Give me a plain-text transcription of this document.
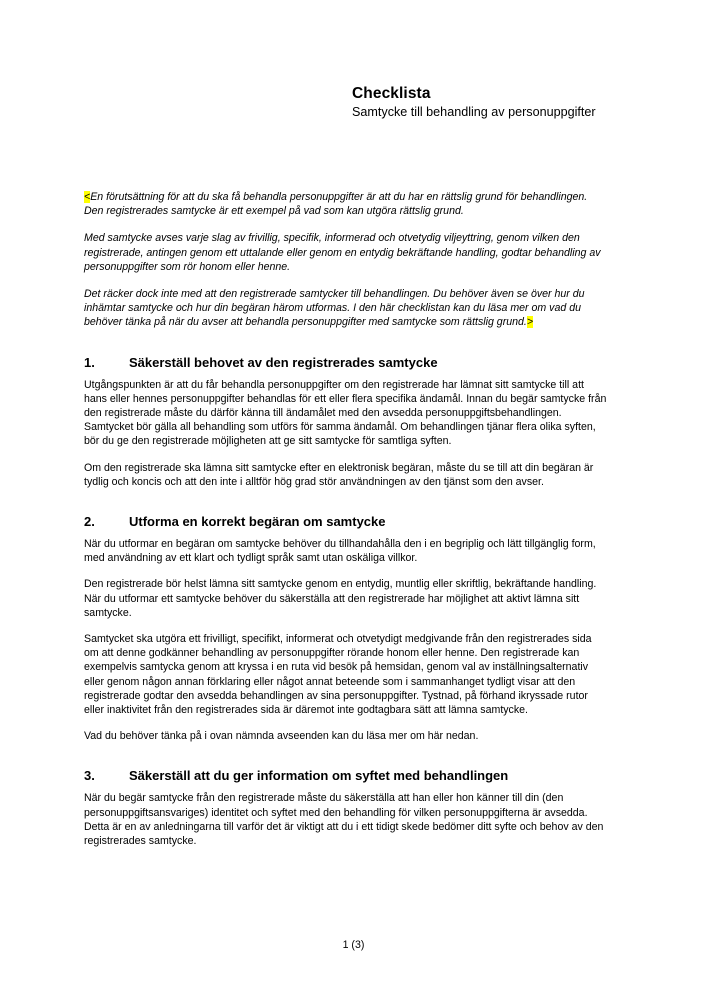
Checklista
Samtycke till behandling av personuppgifter

<En förutsättning för att du ska få behandla personuppgifter är att du har en rättslig grund för behandlingen. Den registrerades samtycke är ett exempel på vad som kan utgöra rättslig grund.

Med samtycke avses varje slag av frivillig, specifik, informerad och otvetydig viljeyttring, genom vilken den registrerade, antingen genom ett uttalande eller genom en entydig bekräftande handling, godtar behandling av personuppgifter som rör honom eller henne.

Det räcker dock inte med att den registrerade samtycker till behandlingen. Du behöver även se över hur du inhämtar samtycke och hur din begäran härom utformas. I den här checklistan kan du läsa mer om vad du behöver tänka på när du avser att behandla personuppgifter med samtycke som rättslig grund.>

1.	Säkerställ behovet av den registrerades samtycke

Utgångspunkten är att du får behandla personuppgifter om den registrerade har lämnat sitt samtycke till att hans eller hennes personuppgifter behandlas för ett eller flera specifika ändamål. Innan du begär samtycke från den registrerade måste du därför känna till ändamålet med den avsedda personuppgiftsbehandlingen. Samtycket bör gälla all behandling som utförs för samma ändamål. Om behandlingen tjänar flera olika syften, bör du ge den registrerade möjligheten att ge sitt samtycke för samtliga syften.

Om den registrerade ska lämna sitt samtycke efter en elektronisk begäran, måste du se till att din begäran är tydlig och koncis och att den inte i alltför hög grad stör användningen av den tjänst som den avser.

2.	Utforma en korrekt begäran om samtycke

När du utformar en begäran om samtycke behöver du tillhandahålla den i en begriplig och lätt tillgänglig form, med användning av ett klart och tydligt språk samt utan oskäliga villkor.

Den registrerade bör helst lämna sitt samtycke genom en entydig, muntlig eller skriftlig, bekräftande handling. När du utformar ett samtycke behöver du säkerställa att den registrerade har möjlighet att aktivt lämna sitt samtycke.

Samtycket ska utgöra ett frivilligt, specifikt, informerat och otvetydigt medgivande från den registrerades sida om att denne godkänner behandling av personuppgifter rörande honom eller henne. Den registrerade kan exempelvis samtycka genom att kryssa i en ruta vid besök på hemsidan, genom val av inställningsalternativ eller genom någon annan förklaring eller något annat beteende som i sammanhanget tydligt visar att den registrerade godtar den avsedda behandlingen av sina personuppgifter. Tystnad, på förhand ikryssade rutor eller inaktivitet från den registrerades sida är däremot inte godtagbara sätt att lämna samtycke.

Vad du behöver tänka på i ovan nämnda avseenden kan du läsa mer om här nedan.

3.	Säkerställ att du ger information om syftet med behandlingen

När du begär samtycke från den registrerade måste du säkerställa att han eller hon känner till din (den personuppgiftsansvariges) identitet och syftet med den behandling för vilken personuppgifterna är avsedda. Detta är en av anledningarna till varför det är viktigt att du i ett tidigt skede bedömer ditt syfte och behov av den registrerades samtycke.

1 (3)
